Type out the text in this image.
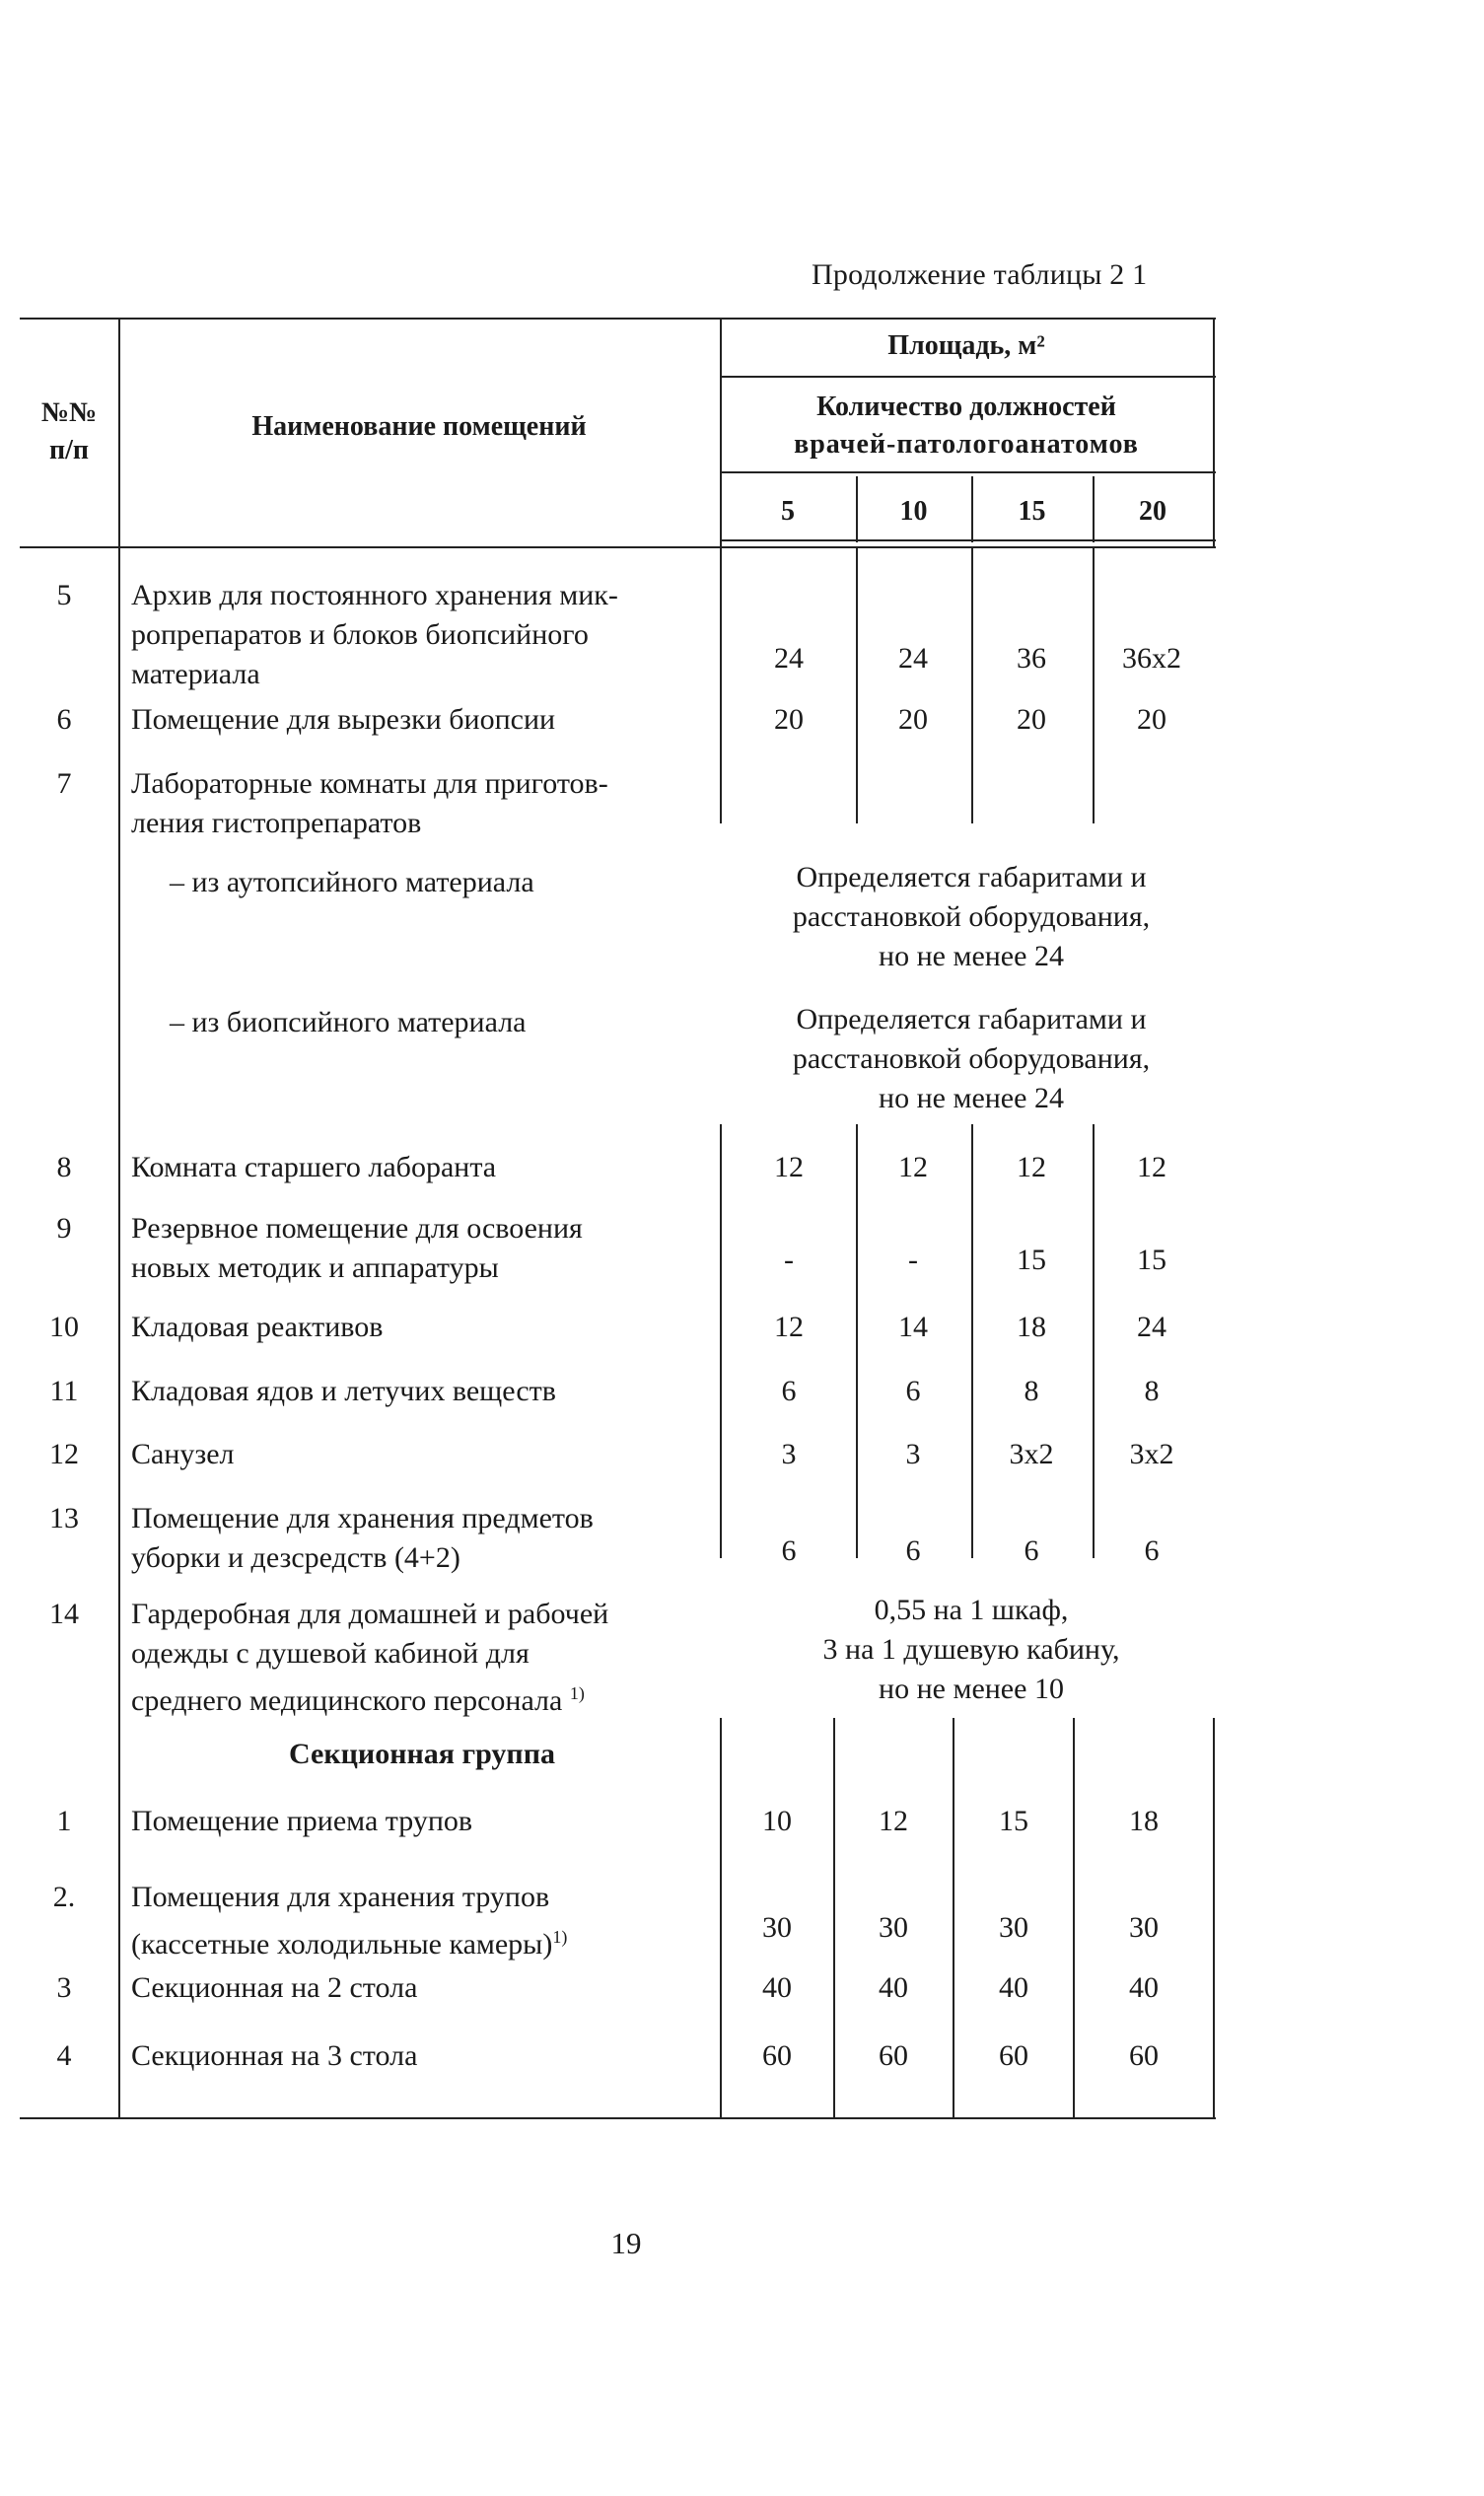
Продолжение таблицы 2 1
№№
п/п
Наименование помещений
Площадь, м²
Количество должностей
врачей-патологоанатомов
5	10	15	20
5	Архив для постоянного хранения мик-
ропрепаратов и блоков биопсийного
материала	24	24	36	36x2
6	Помещение для вырезки биопсии	20	20	20	20
7	Лабораторные комнаты для приготов-
ления гистопрепаратов
– из аутопсийного материала	Определяется габаритами и
расстановкой оборудования,
но не менее 24
– из биопсийного материала	Определяется габаритами и
расстановкой оборудования,
но не менее 24
8	Комната старшего лаборанта	12	12	12	12
9	Резервное помещение для освоения
новых методик и аппаратуры	-	-	15	15
10	Кладовая реактивов	12	14	18	24
11	Кладовая ядов и летучих веществ	6	6	8	8
12	Санузел	3	3	3x2	3x2
13	Помещение для хранения предметов
уборки и дезсредств (4+2)	6	6	6	6
14	Гардеробная для домашней и рабочей
одежды с душевой кабиной для
среднего медицинского персонала $^{1)}$
0,55 на 1 шкаф,
3 на 1 душевую кабину,
но не менее 10
Секционная группа
1	Помещение приема трупов	10	12	15	18
2.	Помещения для хранения трупов
(кассетные холодильные камеры)$^{1)}$	30	30	30	30
3	Секционная на 2 стола	40	40	40	40
4	Секционная на 3 стола	60	60	60	60
19
